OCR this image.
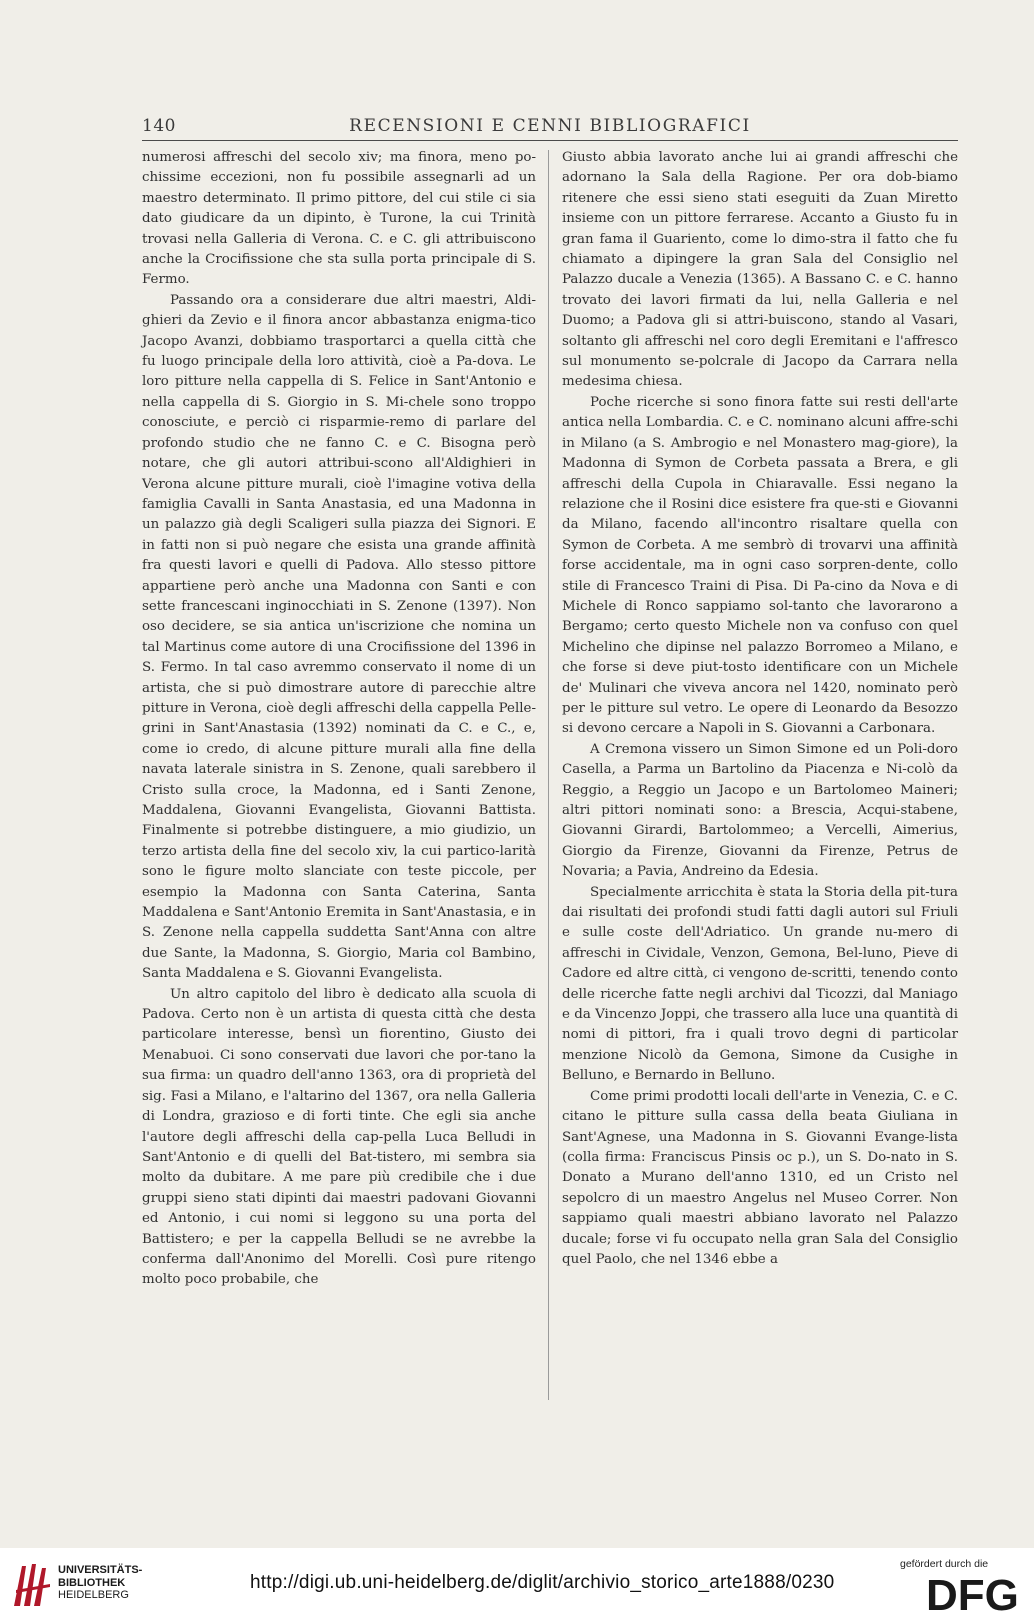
140	RECENSIONI E CENNI BIBLIOGRAFICI

numerosi affreschi del secolo xiv; ma finora, meno po-chissime eccezioni, non fu possibile assegnarli ad un maestro determinato. Il primo pittore, del cui stile ci sia dato giudicare da un dipinto, è Turone, la cui Trinità trovasi nella Galleria di Verona. C. e C. gli attribuiscono anche la Crocifissione che sta sulla porta principale di S. Fermo.

Passando ora a considerare due altri maestri, Aldi-ghieri da Zevio e il finora ancor abbastanza enigma-tico Jacopo Avanzi, dobbiamo trasportarci a quella città che fu luogo principale della loro attività, cioè a Pa-dova. Le loro pitture nella cappella di S. Felice in Sant'Antonio e nella cappella di S. Giorgio in S. Mi-chele sono troppo conosciute, e perciò ci risparmie-remo di parlare del profondo studio che ne fanno C. e C. Bisogna però notare, che gli autori attribui-scono all'Aldighieri in Verona alcune pitture murali, cioè l'imagine votiva della famiglia Cavalli in Santa Anastasia, ed una Madonna in un palazzo già degli Scaligeri sulla piazza dei Signori. E in fatti non si può negare che esista una grande affinità fra questi lavori e quelli di Padova. Allo stesso pittore appartiene però anche una Madonna con Santi e con sette francescani inginocchiati in S. Zenone (1397). Non oso decidere, se sia antica un'iscrizione che nomina un tal Martinus come autore di una Crocifissione del 1396 in S. Fermo. In tal caso avremmo conservato il nome di un artista, che si può dimostrare autore di parecchie altre pitture in Verona, cioè degli affreschi della cappella Pelle-grini in Sant'Anastasia (1392) nominati da C. e C., e, come io credo, di alcune pitture murali alla fine della navata laterale sinistra in S. Zenone, quali sarebbero il Cristo sulla croce, la Madonna, ed i Santi Zenone, Maddalena, Giovanni Evangelista, Giovanni Battista. Finalmente si potrebbe distinguere, a mio giudizio, un terzo artista della fine del secolo xiv, la cui partico-larità sono le figure molto slanciate con teste piccole, per esempio la Madonna con Santa Caterina, Santa Maddalena e Sant'Antonio Eremita in Sant'Anastasia, e in S. Zenone nella cappella suddetta Sant'Anna con altre due Sante, la Madonna, S. Giorgio, Maria col Bambino, Santa Maddalena e S. Giovanni Evangelista.

Un altro capitolo del libro è dedicato alla scuola di Padova. Certo non è un artista di questa città che desta particolare interesse, bensì un fiorentino, Giusto dei Menabuoi. Ci sono conservati due lavori che por-tano la sua firma: un quadro dell'anno 1363, ora di proprietà del sig. Fasi a Milano, e l'altarino del 1367, ora nella Galleria di Londra, grazioso e di forti tinte. Che egli sia anche l'autore degli affreschi della cap-pella Luca Belludi in Sant'Antonio e di quelli del Bat-tistero, mi sembra sia molto da dubitare. A me pare più credibile che i due gruppi sieno stati dipinti dai maestri padovani Giovanni ed Antonio, i cui nomi si leggono su una porta del Battistero; e per la cappella Belludi se ne avrebbe la conferma dall'Anonimo del Morelli. Così pure ritengo molto poco probabile, che

Giusto abbia lavorato anche lui ai grandi affreschi che adornano la Sala della Ragione. Per ora dob-biamo ritenere che essi sieno stati eseguiti da Zuan Miretto insieme con un pittore ferrarese. Accanto a Giusto fu in gran fama il Guariento, come lo dimo-stra il fatto che fu chiamato a dipingere la gran Sala del Consiglio nel Palazzo ducale a Venezia (1365). A Bassano C. e C. hanno trovato dei lavori firmati da lui, nella Galleria e nel Duomo; a Padova gli si attri-buiscono, stando al Vasari, soltanto gli affreschi nel coro degli Eremitani e l'affresco sul monumento se-polcrale di Jacopo da Carrara nella medesima chiesa.

Poche ricerche si sono finora fatte sui resti dell'arte antica nella Lombardia. C. e C. nominano alcuni affre-schi in Milano (a S. Ambrogio e nel Monastero mag-giore), la Madonna di Symon de Corbeta passata a Brera, e gli affreschi della Cupola in Chiaravalle. Essi negano la relazione che il Rosini dice esistere fra que-sti e Giovanni da Milano, facendo all'incontro risaltare quella con Symon de Corbeta. A me sembrò di trovarvi una affinità forse accidentale, ma in ogni caso sorpren-dente, collo stile di Francesco Traini di Pisa. Di Pa-cino da Nova e di Michele di Ronco sappiamo sol-tanto che lavorarono a Bergamo; certo questo Michele non va confuso con quel Michelino che dipinse nel palazzo Borromeo a Milano, e che forse si deve piut-tosto identificare con un Michele de' Mulinari che viveva ancora nel 1420, nominato però per le pitture sul vetro. Le opere di Leonardo da Besozzo si devono cercare a Napoli in S. Giovanni a Carbonara.

A Cremona vissero un Simon Simone ed un Poli-doro Casella, a Parma un Bartolino da Piacenza e Ni-colò da Reggio, a Reggio un Jacopo e un Bartolomeo Maineri; altri pittori nominati sono: a Brescia, Acqui-stabene, Giovanni Girardi, Bartolommeo; a Vercelli, Aimerius, Giorgio da Firenze, Giovanni da Firenze, Petrus de Novaria; a Pavia, Andreino da Edesia.

Specialmente arricchita è stata la Storia della pit-tura dai risultati dei profondi studi fatti dagli autori sul Friuli e sulle coste dell'Adriatico. Un grande nu-mero di affreschi in Cividale, Venzon, Gemona, Bel-luno, Pieve di Cadore ed altre città, ci vengono de-scritti, tenendo conto delle ricerche fatte negli archivi dal Ticozzi, dal Maniago e da Vincenzo Joppi, che trassero alla luce una quantità di nomi di pittori, fra i quali trovo degni di particolar menzione Nicolò da Gemona, Simone da Cusighe in Belluno, e Bernardo in Belluno.

Come primi prodotti locali dell'arte in Venezia, C. e C. citano le pitture sulla cassa della beata Giuliana in Sant'Agnese, una Madonna in S. Giovanni Evange-lista (colla firma: Franciscus Pinsis oc p.), un S. Do-nato in S. Donato a Murano dell'anno 1310, ed un Cristo nel sepolcro di un maestro Angelus nel Museo Correr. Non sappiamo quali maestri abbiano lavorato nel Palazzo ducale; forse vi fu occupato nella gran Sala del Consiglio quel Paolo, che nel 1346 ebbe a

UNIVERSITÄTS-
BIBLIOTHEK
HEIDELBERG
http://digi.ub.uni-heidelberg.de/diglit/archivio_storico_arte1888/0230
gefördert durch die
DFG
